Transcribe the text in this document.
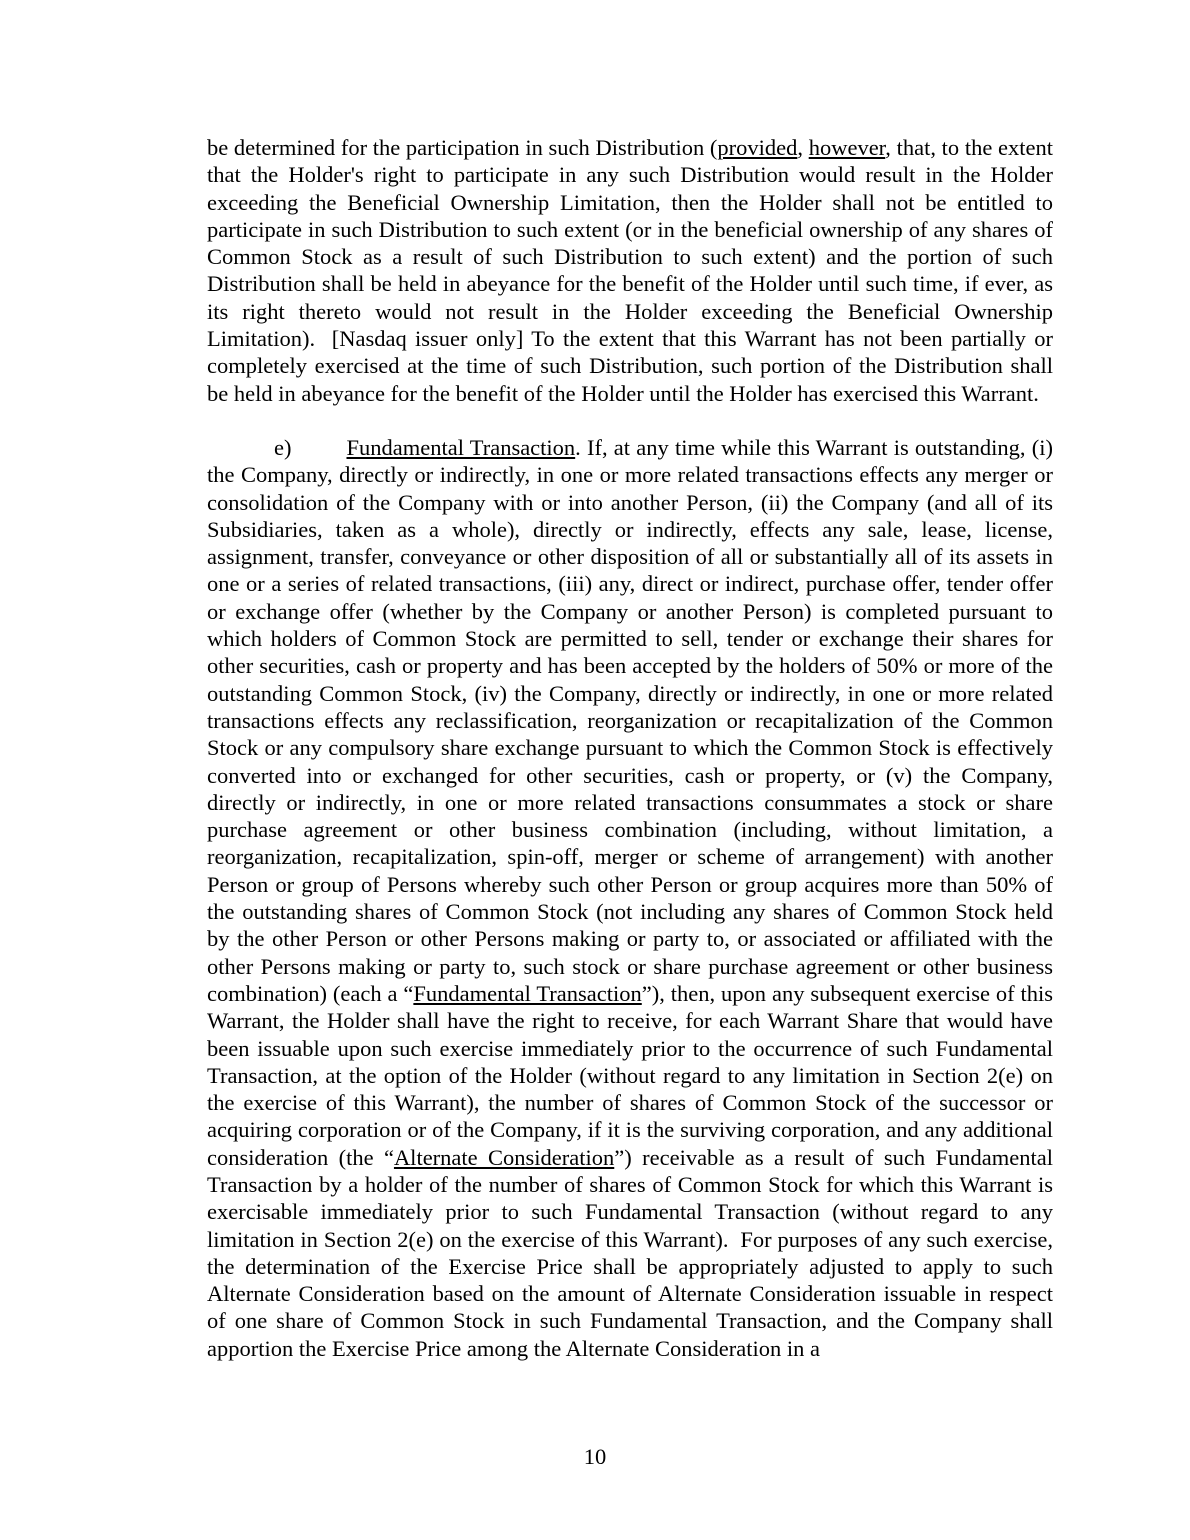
be determined for the participation in such Distribution (provided, however, that, to the extent that the Holder's right to participate in any such Distribution would result in the Holder exceeding the Beneficial Ownership Limitation, then the Holder shall not be entitled to participate in such Distribution to such extent (or in the beneficial ownership of any shares of Common Stock as a result of such Distribution to such extent) and the portion of such Distribution shall be held in abeyance for the benefit of the Holder until such time, if ever, as its right thereto would not result in the Holder exceeding the Beneficial Ownership Limitation).  [Nasdaq issuer only] To the extent that this Warrant has not been partially or completely exercised at the time of such Distribution, such portion of the Distribution shall be held in abeyance for the benefit of the Holder until the Holder has exercised this Warrant.

e) Fundamental Transaction. If, at any time while this Warrant is outstanding, (i) the Company, directly or indirectly, in one or more related transactions effects any merger or consolidation of the Company with or into another Person, (ii) the Company (and all of its Subsidiaries, taken as a whole), directly or indirectly, effects any sale, lease, license, assignment, transfer, conveyance or other disposition of all or substantially all of its assets in one or a series of related transactions, (iii) any, direct or indirect, purchase offer, tender offer or exchange offer (whether by the Company or another Person) is completed pursuant to which holders of Common Stock are permitted to sell, tender or exchange their shares for other securities, cash or property and has been accepted by the holders of 50% or more of the outstanding Common Stock, (iv) the Company, directly or indirectly, in one or more related transactions effects any reclassification, reorganization or recapitalization of the Common Stock or any compulsory share exchange pursuant to which the Common Stock is effectively converted into or exchanged for other securities, cash or property, or (v) the Company, directly or indirectly, in one or more related transactions consummates a stock or share purchase agreement or other business combination (including, without limitation, a reorganization, recapitalization, spin-off, merger or scheme of arrangement) with another Person or group of Persons whereby such other Person or group acquires more than 50% of the outstanding shares of Common Stock (not including any shares of Common Stock held by the other Person or other Persons making or party to, or associated or affiliated with the other Persons making or party to, such stock or share purchase agreement or other business combination) (each a “Fundamental Transaction”), then, upon any subsequent exercise of this Warrant, the Holder shall have the right to receive, for each Warrant Share that would have been issuable upon such exercise immediately prior to the occurrence of such Fundamental Transaction, at the option of the Holder (without regard to any limitation in Section 2(e) on the exercise of this Warrant), the number of shares of Common Stock of the successor or acquiring corporation or of the Company, if it is the surviving corporation, and any additional consideration (the “Alternate Consideration”) receivable as a result of such Fundamental Transaction by a holder of the number of shares of Common Stock for which this Warrant is exercisable immediately prior to such Fundamental Transaction (without regard to any limitation in Section 2(e) on the exercise of this Warrant).  For purposes of any such exercise, the determination of the Exercise Price shall be appropriately adjusted to apply to such Alternate Consideration based on the amount of Alternate Consideration issuable in respect of one share of Common Stock in such Fundamental Transaction, and the Company shall apportion the Exercise Price among the Alternate Consideration in a

10
